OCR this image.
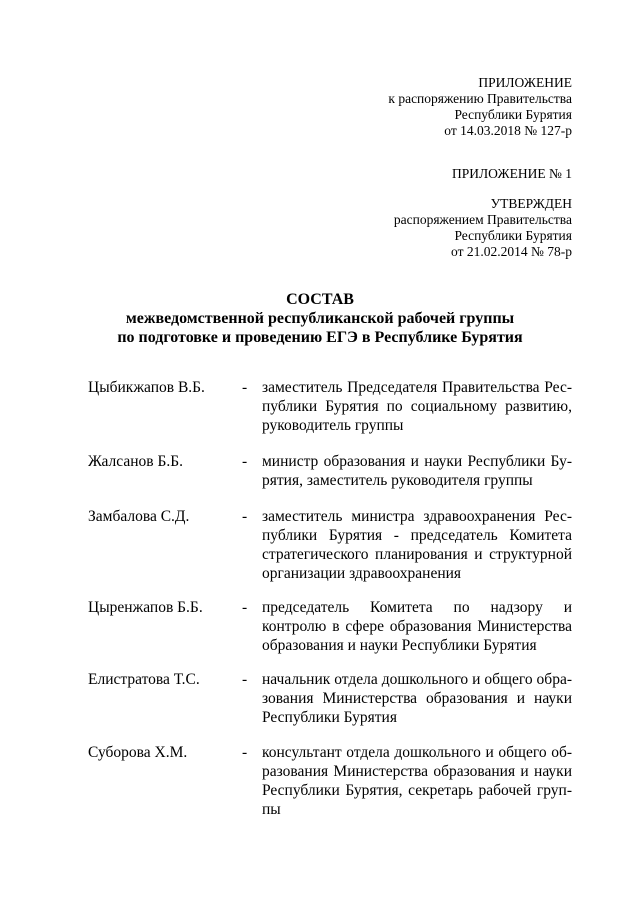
ПРИЛОЖЕНИЕ
к распоряжению Правительства
Республики Бурятия
от 14.03.2018 № 127-р
ПРИЛОЖЕНИЕ № 1
УТВЕРЖДЕН
распоряжением Правительства
Республики Бурятия
от 21.02.2014 № 78-р
СОСТАВ
межведомственной республиканской рабочей группы
по подготовке и проведению ЕГЭ в Республике Бурятия
Цыбикжапов В.Б. - заместитель Председателя Правительства Республики Бурятия по социальному развитию, руководитель группы
Жалсанов Б.Б.	- министр образования и науки Республики Бурятия, заместитель руководителя группы
Замбалова С.Д.	- заместитель министра здравоохранения Республики Бурятия - председатель Комитета стратегического планирования и структурной организации здравоохранения
Цыренжапов Б.Б.	- председатель Комитета по надзору и контролю в сфере образования Министерства образования и науки Республики Бурятия
Елистратова Т.С.	- начальник отдела дошкольного и общего образования Министерства образования и науки Республики Бурятия
Суборова Х.М.	- консультант отдела дошкольного и общего образования Министерства образования и науки Республики Бурятия, секретарь рабочей группы
